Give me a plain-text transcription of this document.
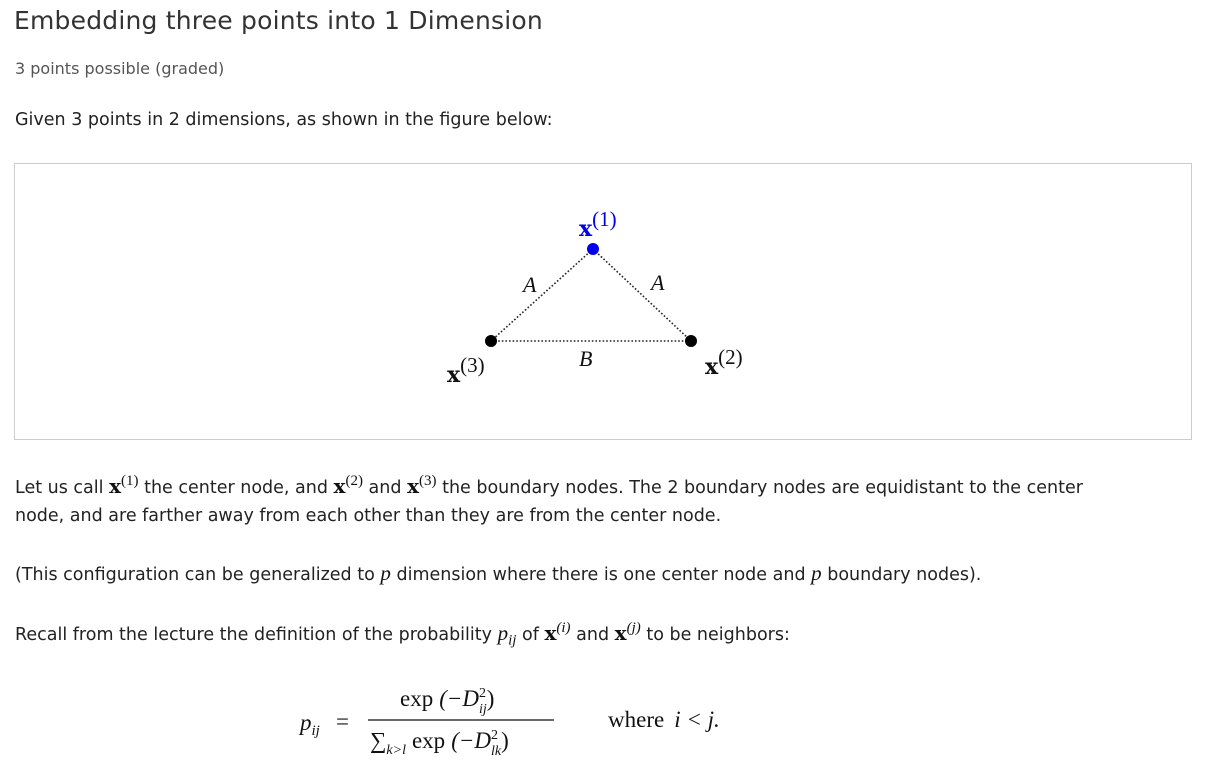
Embedding three points into 1 Dimension
3 points possible (graded)
Given 3 points in 2 dimensions, as shown in the figure below:
x(1)
x(2)
x(3)
A	A
B
Let us call $x^{(1)}$ the center node, and $x^{(2)}$ and $x^{(3)}$ the boundary nodes. The 2 boundary nodes are equidistant to the center
node, and are farther away from each other than they are from the center node.
(This configuration can be generalized to p dimension where there is one center node and p boundary nodes).
Recall from the lecture the definition of the probability $p_{ij}$ of $x^{(i)}$ and $x^{(j)}$ to be neighbors:
$p_{ij}$ =
$\exp (-D^2$ ij)
$\sum_{k>l}$ $\exp (-D^2$ lk)
where i < j.
